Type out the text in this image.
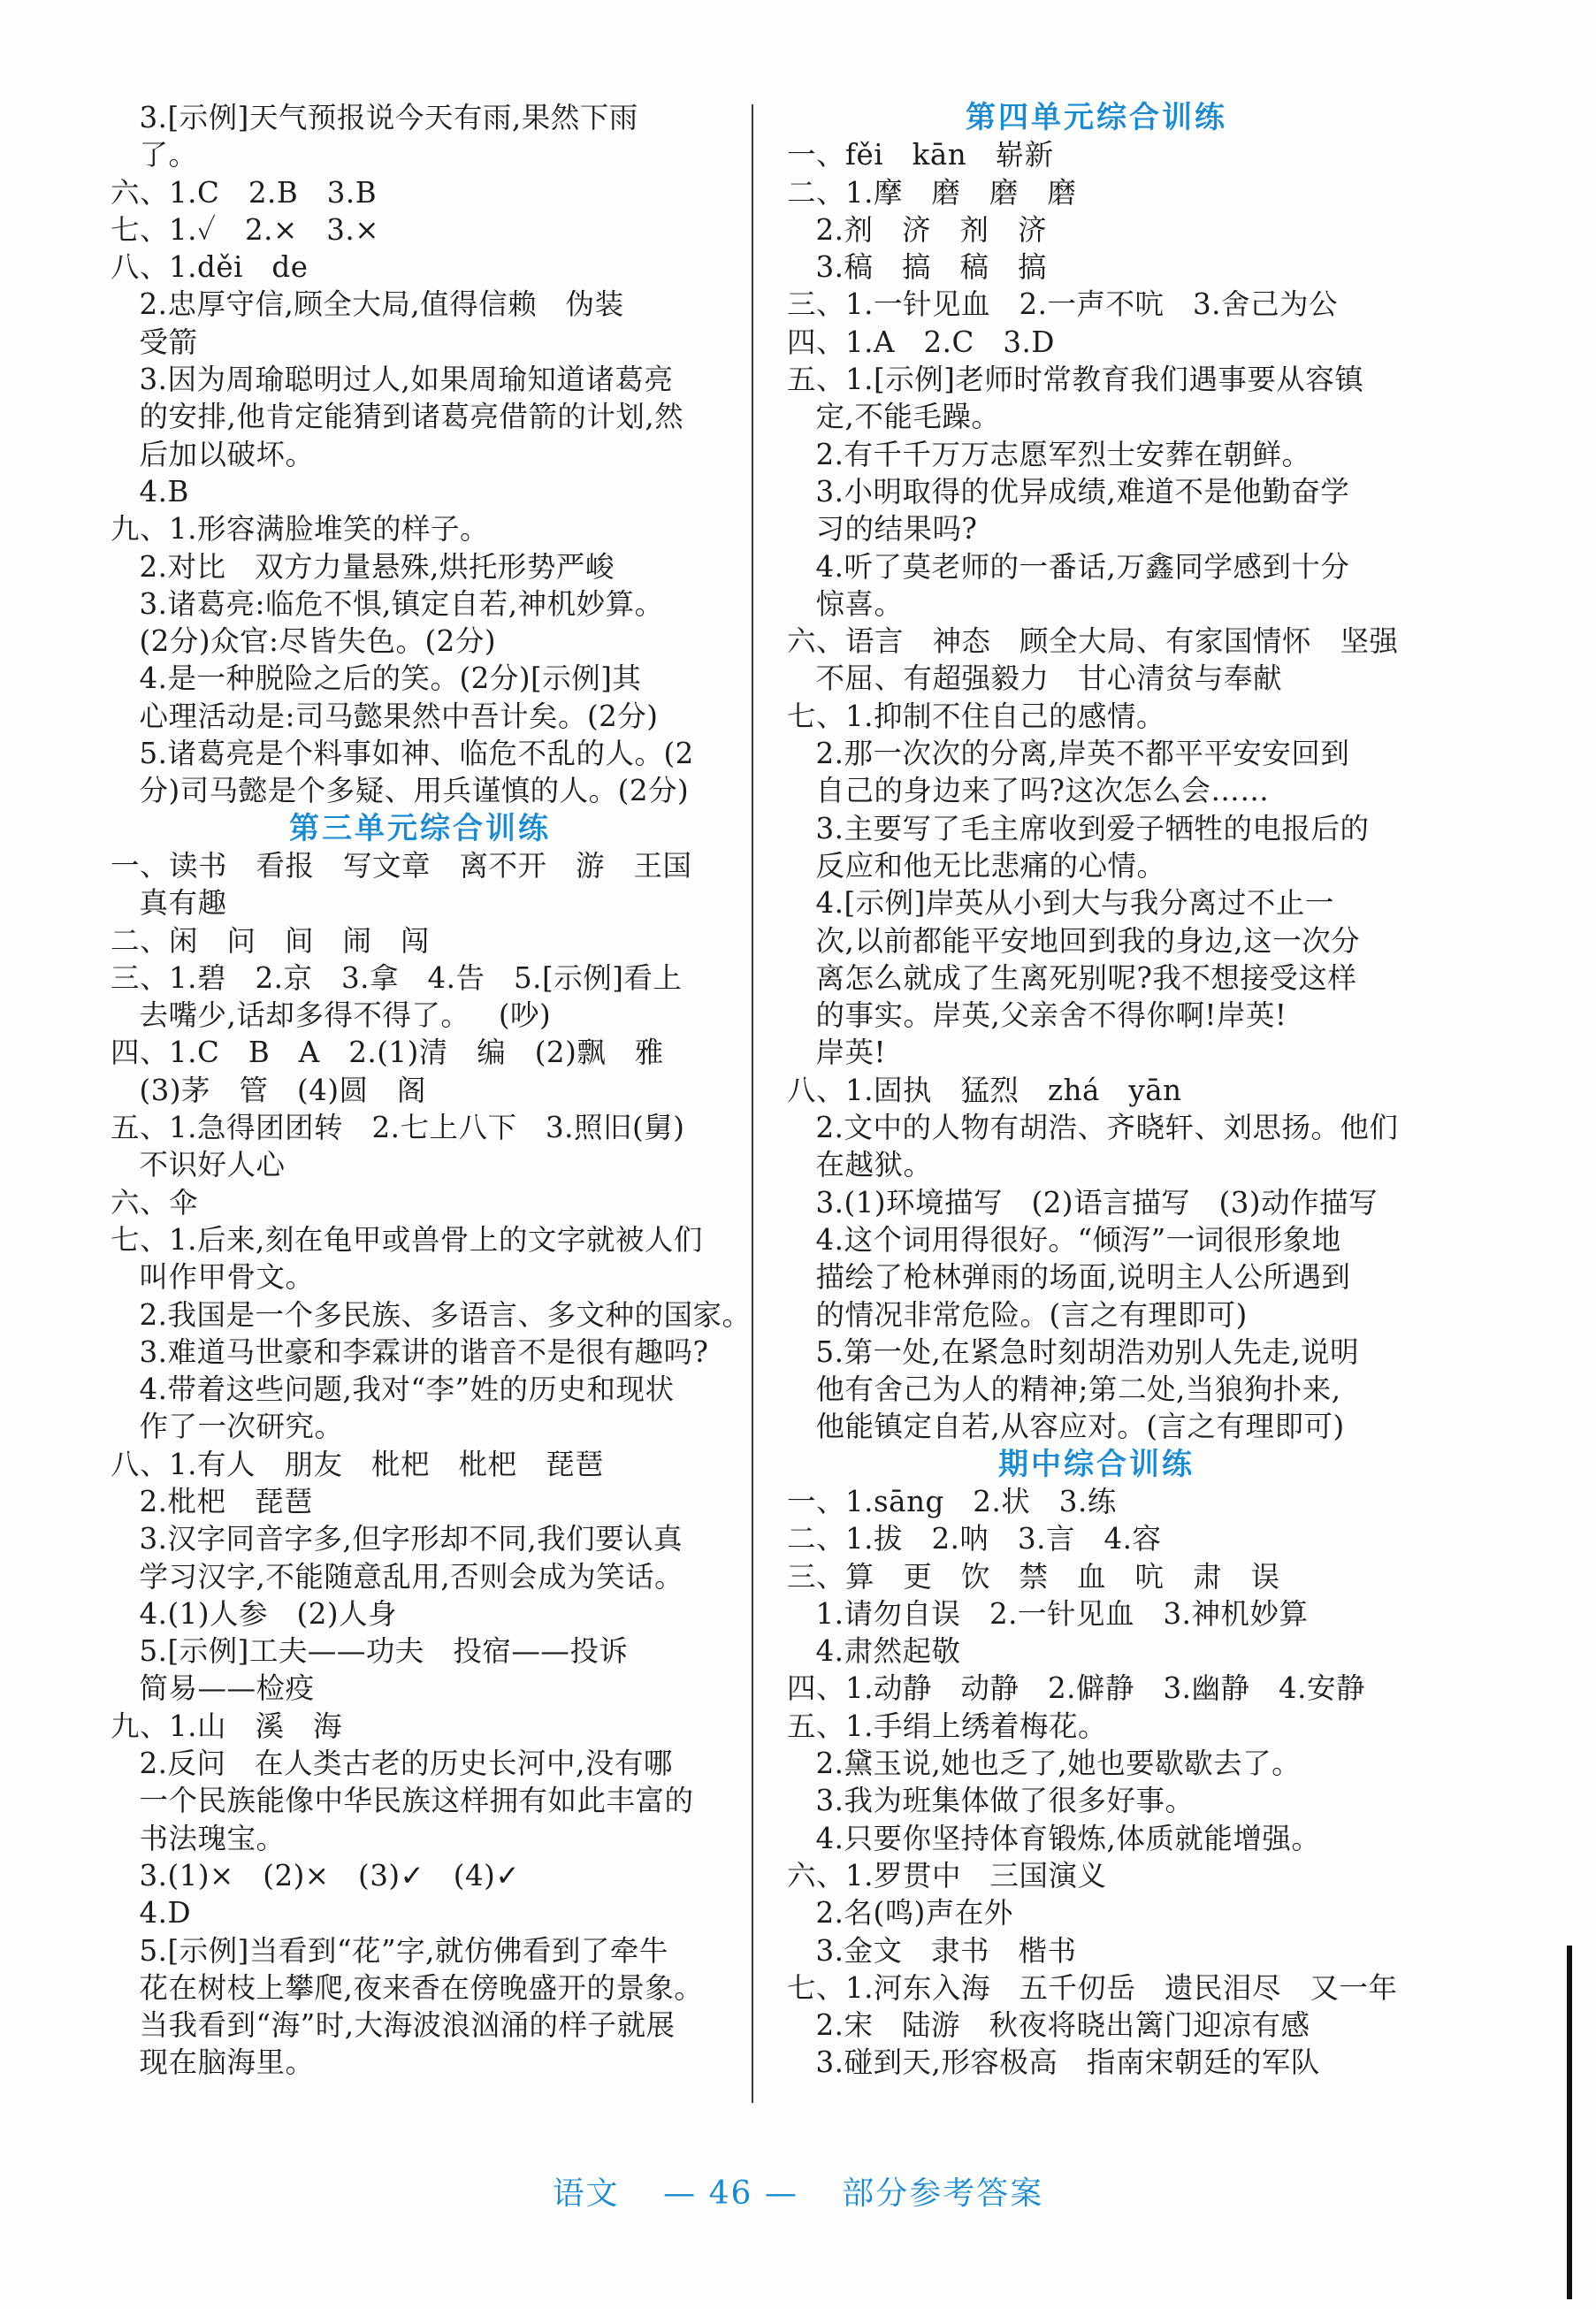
3.[示例]天气预报说今天有雨,果然下雨
了。
六、1.C   2.B   3.B
七、1.✓   2.×   3.×
八、1.děi   de
2.忠厚守信,顾全大局,值得信赖   伪装
受箭
3.因为周瑜聪明过人,如果周瑜知道诸葛亮
的安排,他肯定能猜到诸葛亮借箭的计划,然
后加以破坏。
4.B
九、1.形容满脸堆笑的样子。
2.对比   双方力量悬殊,烘托形势严峻
3.诸葛亮:临危不惧,镇定自若,神机妙算。
(2分)众官:尽皆失色。(2分)
4.是一种脱险之后的笑。(2分)[示例]其
心理活动是:司马懿果然中吾计矣。(2分)
5.诸葛亮是个料事如神、临危不乱的人。(2
分)司马懿是个多疑、用兵谨慎的人。(2分)
第三单元综合训练
一、读书   看报   写文章   离不开   游   王国
真有趣
二、闲   问   间   闹   闯
三、1.碧   2.京   3.拿   4.告   5.[示例]看上
去嘴少,话却多得不得了。   (吵)
四、1.C   B   A   2.(1)清   编   (2)飘   雅
(3)茅   管   (4)圆   阁
五、1.急得团团转   2.七上八下   3.照旧(舅)
不识好人心
六、伞
七、1.后来,刻在龟甲或兽骨上的文字就被人们
叫作甲骨文。
2.我国是一个多民族、多语言、多文种的国家。
3.难道马世豪和李霖讲的谐音不是很有趣吗?
4.带着这些问题,我对“李”姓的历史和现状
作了一次研究。
八、1.有人   朋友   枇杷   枇杷   琵琶
2.枇杷   琵琶
3.汉字同音字多,但字形却不同,我们要认真
学习汉字,不能随意乱用,否则会成为笑话。
4.(1)人参   (2)人身
5.[示例]工夫——功夫   投宿——投诉
简易——检疫
九、1.山   溪   海
2.反问   在人类古老的历史长河中,没有哪
一个民族能像中华民族这样拥有如此丰富的
书法瑰宝。
3.(1)×   (2)×   (3)✓   (4)✓
4.D
5.[示例]当看到“花”字,就仿佛看到了牵牛
花在树枝上攀爬,夜来香在傍晚盛开的景象。
当我看到“海”时,大海波浪汹涌的样子就展
现在脑海里。
第四单元综合训练
一、fěi   kān   崭新
二、1.摩   磨   磨   磨
2.剂   济   剂   济
3.稿   搞   稿   搞
三、1.一针见血   2.一声不吭   3.舍己为公
四、1.A   2.C   3.D
五、1.[示例]老师时常教育我们遇事要从容镇
定,不能毛躁。
2.有千千万万志愿军烈士安葬在朝鲜。
3.小明取得的优异成绩,难道不是他勤奋学
习的结果吗?
4.听了莫老师的一番话,万鑫同学感到十分
惊喜。
六、语言   神态   顾全大局、有家国情怀   坚强
不屈、有超强毅力   甘心清贫与奉献
七、1.抑制不住自己的感情。
2.那一次次的分离,岸英不都平平安安回到
自己的身边来了吗?这次怎么会……
3.主要写了毛主席收到爱子牺牲的电报后的
反应和他无比悲痛的心情。
4.[示例]岸英从小到大与我分离过不止一
次,以前都能平安地回到我的身边,这一次分
离怎么就成了生离死别呢?我不想接受这样
的事实。岸英,父亲舍不得你啊!岸英!
岸英!
八、1.固执   猛烈   zhá   yān
2.文中的人物有胡浩、齐晓轩、刘思扬。他们
在越狱。
3.(1)环境描写   (2)语言描写   (3)动作描写
4.这个词用得很好。“倾泻”一词很形象地
描绘了枪林弹雨的场面,说明主人公所遇到
的情况非常危险。(言之有理即可)
5.第一处,在紧急时刻胡浩劝别人先走,说明
他有舍己为人的精神;第二处,当狼狗扑来,
他能镇定自若,从容应对。(言之有理即可)
期中综合训练
一、1.sāng   2.状   3.练
二、1.拔   2.呐   3.言   4.容
三、算   更   饮   禁   血   吭   肃   误
1.请勿自误   2.一针见血   3.神机妙算
4.肃然起敬
四、1.动静   动静   2.僻静   3.幽静   4.安静
五、1.手绢上绣着梅花。
2.黛玉说,她也乏了,她也要歇歇去了。
3.我为班集体做了很多好事。
4.只要你坚持体育锻炼,体质就能增强。
六、1.罗贯中   三国演义
2.名(鸣)声在外
3.金文   隶书   楷书
七、1.河东入海   五千仞岳   遗民泪尽   又一年
2.宋   陆游   秋夜将晓出篱门迎凉有感
3.碰到天,形容极高   指南宋朝廷的军队
语文 — 46 — 部分参考答案
